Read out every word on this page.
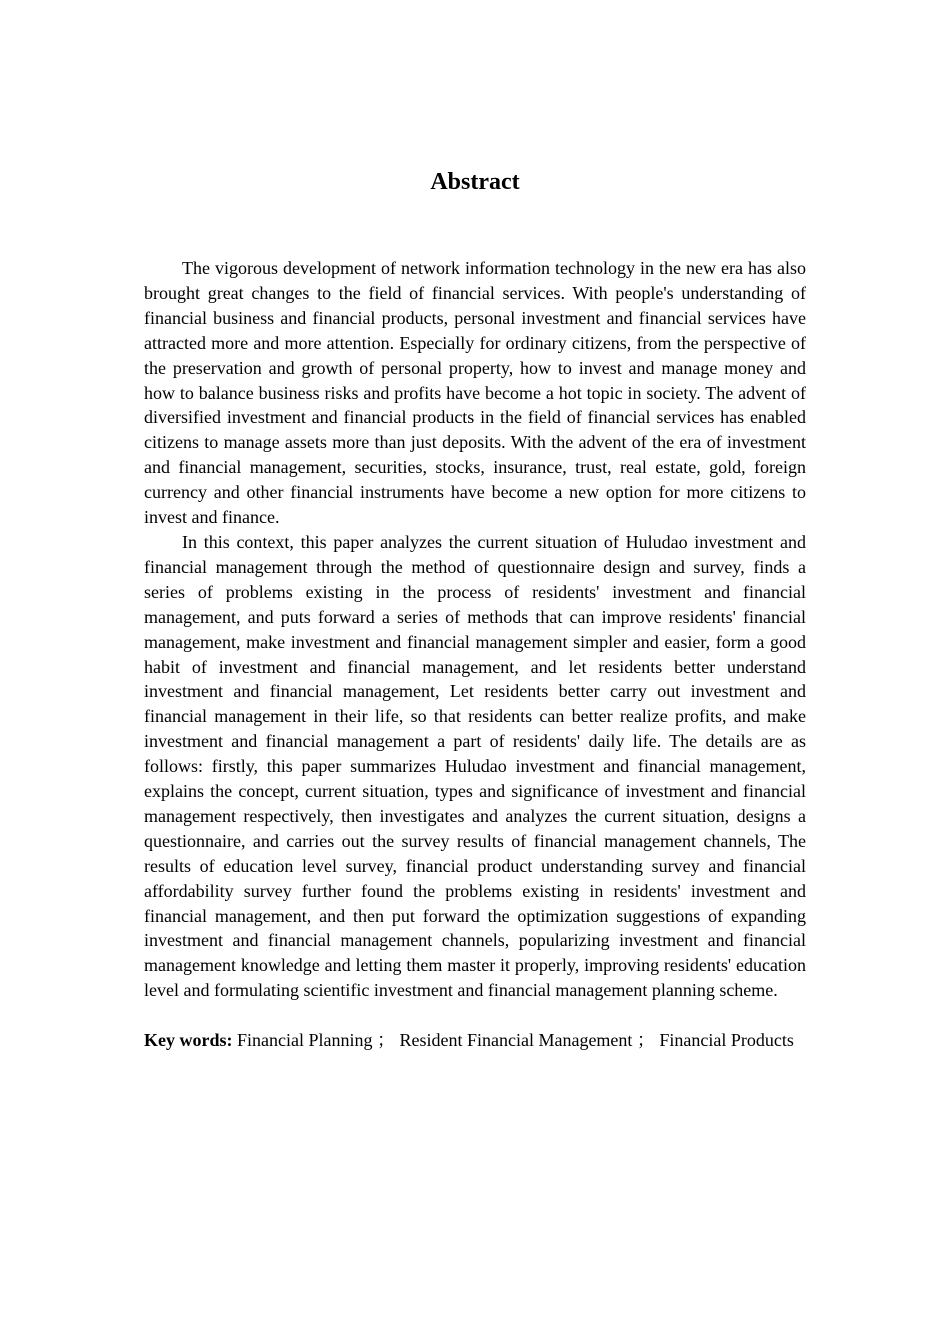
Abstract

The vigorous development of network information technology in the new era has also brought great changes to the field of financial services. With people's understanding of financial business and financial products, personal investment and financial services have attracted more and more attention. Especially for ordinary citizens, from the perspective of the preservation and growth of personal property, how to invest and manage money and how to balance business risks and profits have become a hot topic in society. The advent of diversified investment and financial products in the field of financial services has enabled citizens to manage assets more than just deposits. With the advent of the era of investment and financial management, securities, stocks, insurance, trust, real estate, gold, foreign currency and other financial instruments have become a new option for more citizens to invest and finance.

In this context, this paper analyzes the current situation of Huludao investment and financial management through the method of questionnaire design and survey, finds a series of problems existing in the process of residents' investment and financial management, and puts forward a series of methods that can improve residents' financial management, make investment and financial management simpler and easier, form a good habit of investment and financial management, and let residents better understand investment and financial management, Let residents better carry out investment and financial management in their life, so that residents can better realize profits, and make investment and financial management a part of residents' daily life. The details are as follows: firstly, this paper summarizes Huludao investment and financial management, explains the concept, current situation, types and significance of investment and financial management respectively, then investigates and analyzes the current situation, designs a questionnaire, and carries out the survey results of financial management channels, The results of education level survey, financial product understanding survey and financial affordability survey further found the problems existing in residents' investment and financial management, and then put forward the optimization suggestions of expanding investment and financial management channels, popularizing investment and financial management knowledge and letting them master it properly, improving residents' education level and formulating scientific investment and financial management planning scheme.

Key words: Financial Planning ； Resident Financial Management ； Financial Products
